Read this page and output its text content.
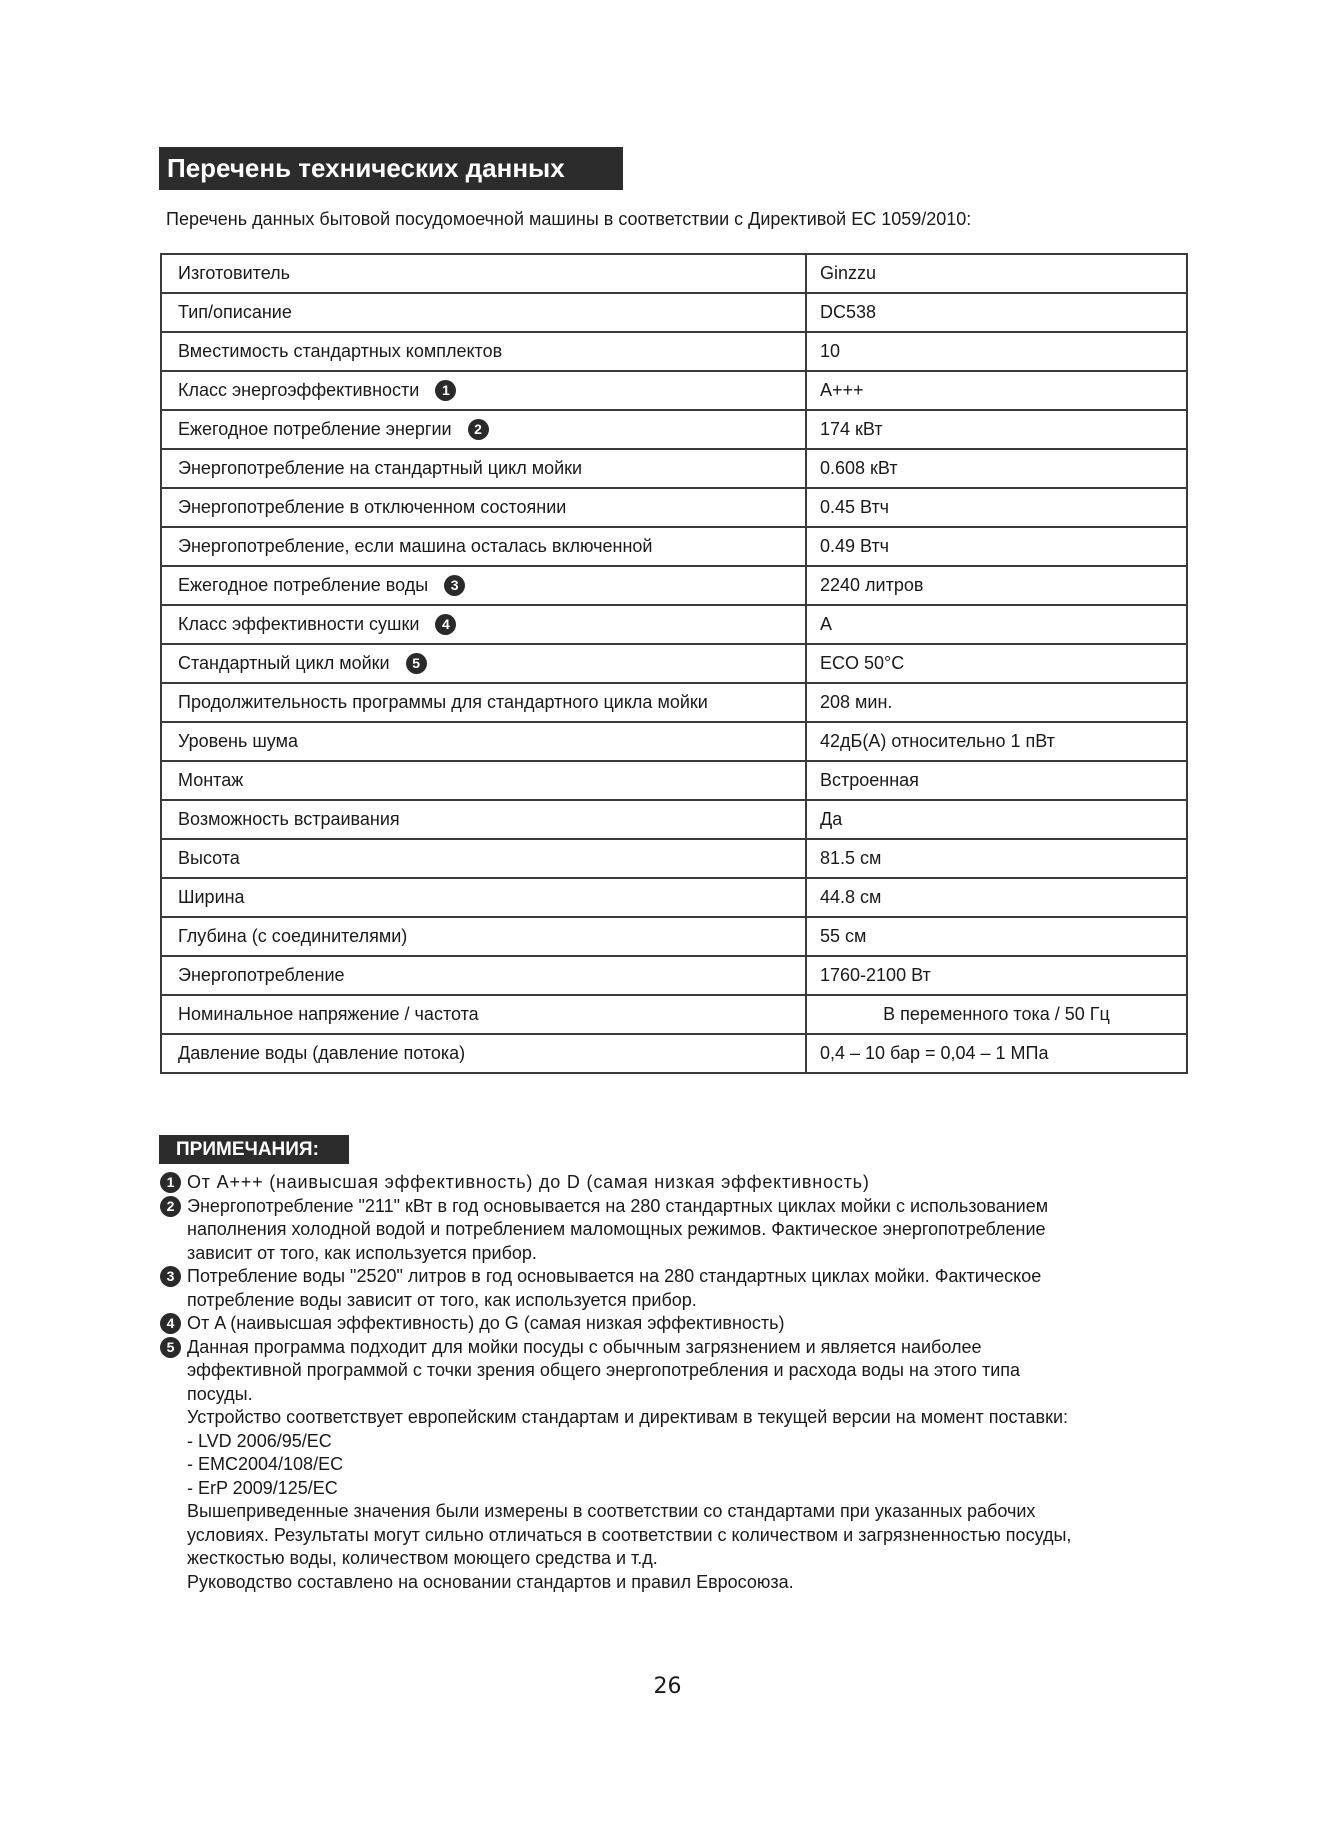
Перечень технических данных
Перечень данных бытовой посудомоечной машины в соответствии с Директивой ЕС 1059/2010:
Изготовитель	Ginzzu
Тип/описание	DC538
Вместимость стандартных комплектов	10
Класс энергоэффективности 1	A+++
Ежегодное потребление энергии 2	174 кВт
Энергопотребление на стандартный цикл мойки	0.608 кВт
Энергопотребление в отключенном состоянии	0.45 Втч
Энергопотребление, если машина осталась включенной	0.49 Втч
Ежегодное потребление воды 3	2240 литров
Класс эффективности сушки 4	A
Стандартный цикл мойки 5	ECO 50°C
Продолжительность программы для стандартного цикла мойки	208 мин.
Уровень шума	42дБ(А) относительно 1 пВт
Монтаж	Встроенная
Возможность встраивания	Да
Высота	81.5 см
Ширина	44.8 см
Глубина (с соединителями)	55 см
Энергопотребление	1760-2100 Вт
Номинальное напряжение / частота	В переменного тока / 50 Гц
Давление воды (давление потока)	0,4 – 10 бар = 0,04 – 1 МПа
ПРИМЕЧАНИЯ:
1 От A+++ (наивысшая эффективность) до D (самая низкая эффективность)
2 Энергопотребление "211" кВт в год основывается на 280 стандартных циклах мойки с использованием
наполнения холодной водой и потреблением маломощных режимов. Фактическое энергопотребление
зависит от того, как используется прибор.
3 Потребление воды "2520" литров в год основывается на 280 стандартных циклах мойки. Фактическое
потребление воды зависит от того, как используется прибор.
4 От A (наивысшая эффективность) до G (самая низкая эффективность)
5 Данная программа подходит для мойки посуды с обычным загрязнением и является наиболее
эффективной программой с точки зрения общего энергопотребления и расхода воды на этого типа
посуды.
Устройство соответствует европейским стандартам и директивам в текущей версии на момент поставки:
- LVD 2006/95/EC
- EMC2004/108/EC
- ErP 2009/125/EC
Вышеприведенные значения были измерены в соответствии со стандартами при указанных рабочих
условиях. Результаты могут сильно отличаться в соответствии с количеством и загрязненностью посуды,
жесткостью воды, количеством моющего средства и т.д.
Руководство составлено на основании стандартов и правил Евросоюза.
26
